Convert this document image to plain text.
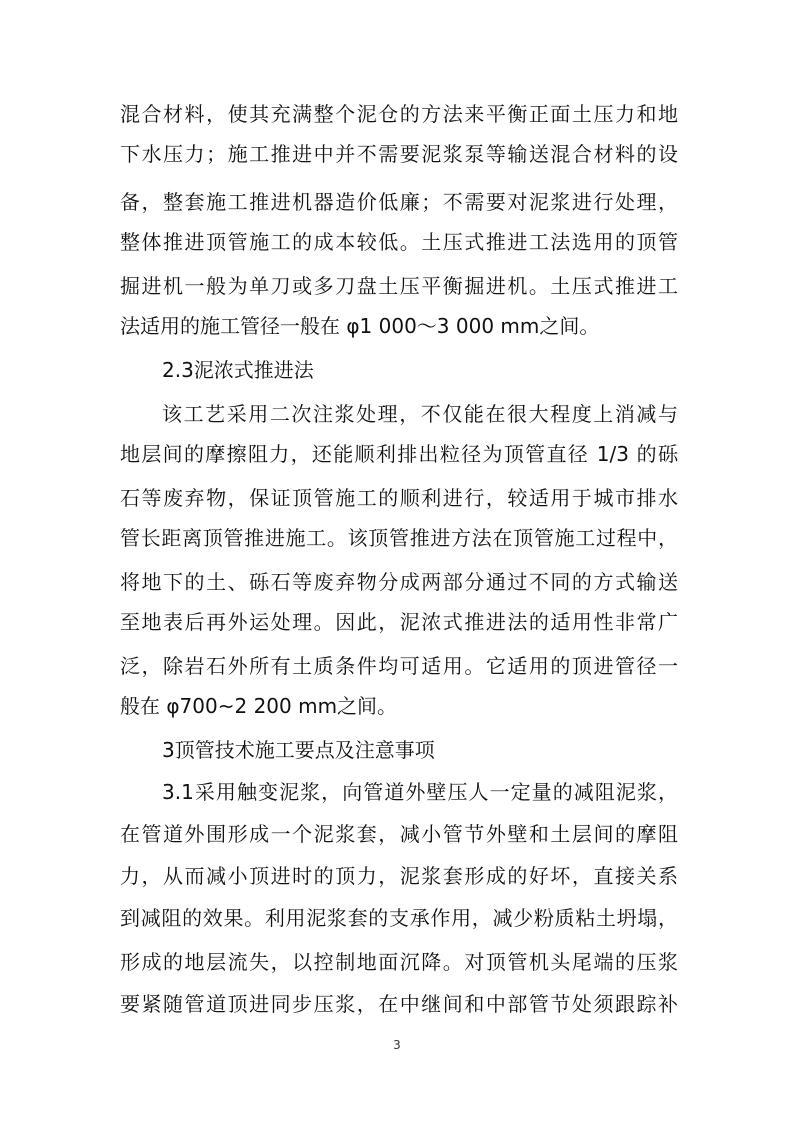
混合材料，使其充满整个泥仓的方法来平衡正面土压力和地
下水压力；施工推进中并不需要泥浆泵等输送混合材料的设
备，整套施工推进机器造价低廉；不需要对泥浆进行处理，
整体推进顶管施工的成本较低。土压式推进工法选用的顶管
掘进机一般为单刀或多刀盘土压平衡掘进机。土压式推进工
法适用的施工管径一般在 φ1 000～3 000 mm之间。
2.3泥浓式推进法
该工艺采用二次注浆处理，不仅能在很大程度上消减与
地层间的摩擦阻力，还能顺利排出粒径为顶管直径 1/3 的砾
石等废弃物，保证顶管施工的顺利进行，较适用于城市排水
管长距离顶管推进施工。该顶管推进方法在顶管施工过程中，
将地下的土、砾石等废弃物分成两部分通过不同的方式输送
至地表后再外运处理。因此，泥浓式推进法的适用性非常广
泛，除岩石外所有土质条件均可适用。它适用的顶进管径一
般在 φ700~2 200 mm之间。
3顶管技术施工要点及注意事项
3.1采用触变泥浆，向管道外壁压人一定量的减阻泥浆，
在管道外围形成一个泥浆套，减小管节外壁和土层间的摩阻
力，从而减小顶进时的顶力，泥浆套形成的好坏，直接关系
到减阻的效果。利用泥浆套的支承作用，减少粉质粘土坍塌，
形成的地层流失，以控制地面沉降。对顶管机头尾端的压浆
要紧随管道顶进同步压浆，在中继间和中部管节处须跟踪补
3
